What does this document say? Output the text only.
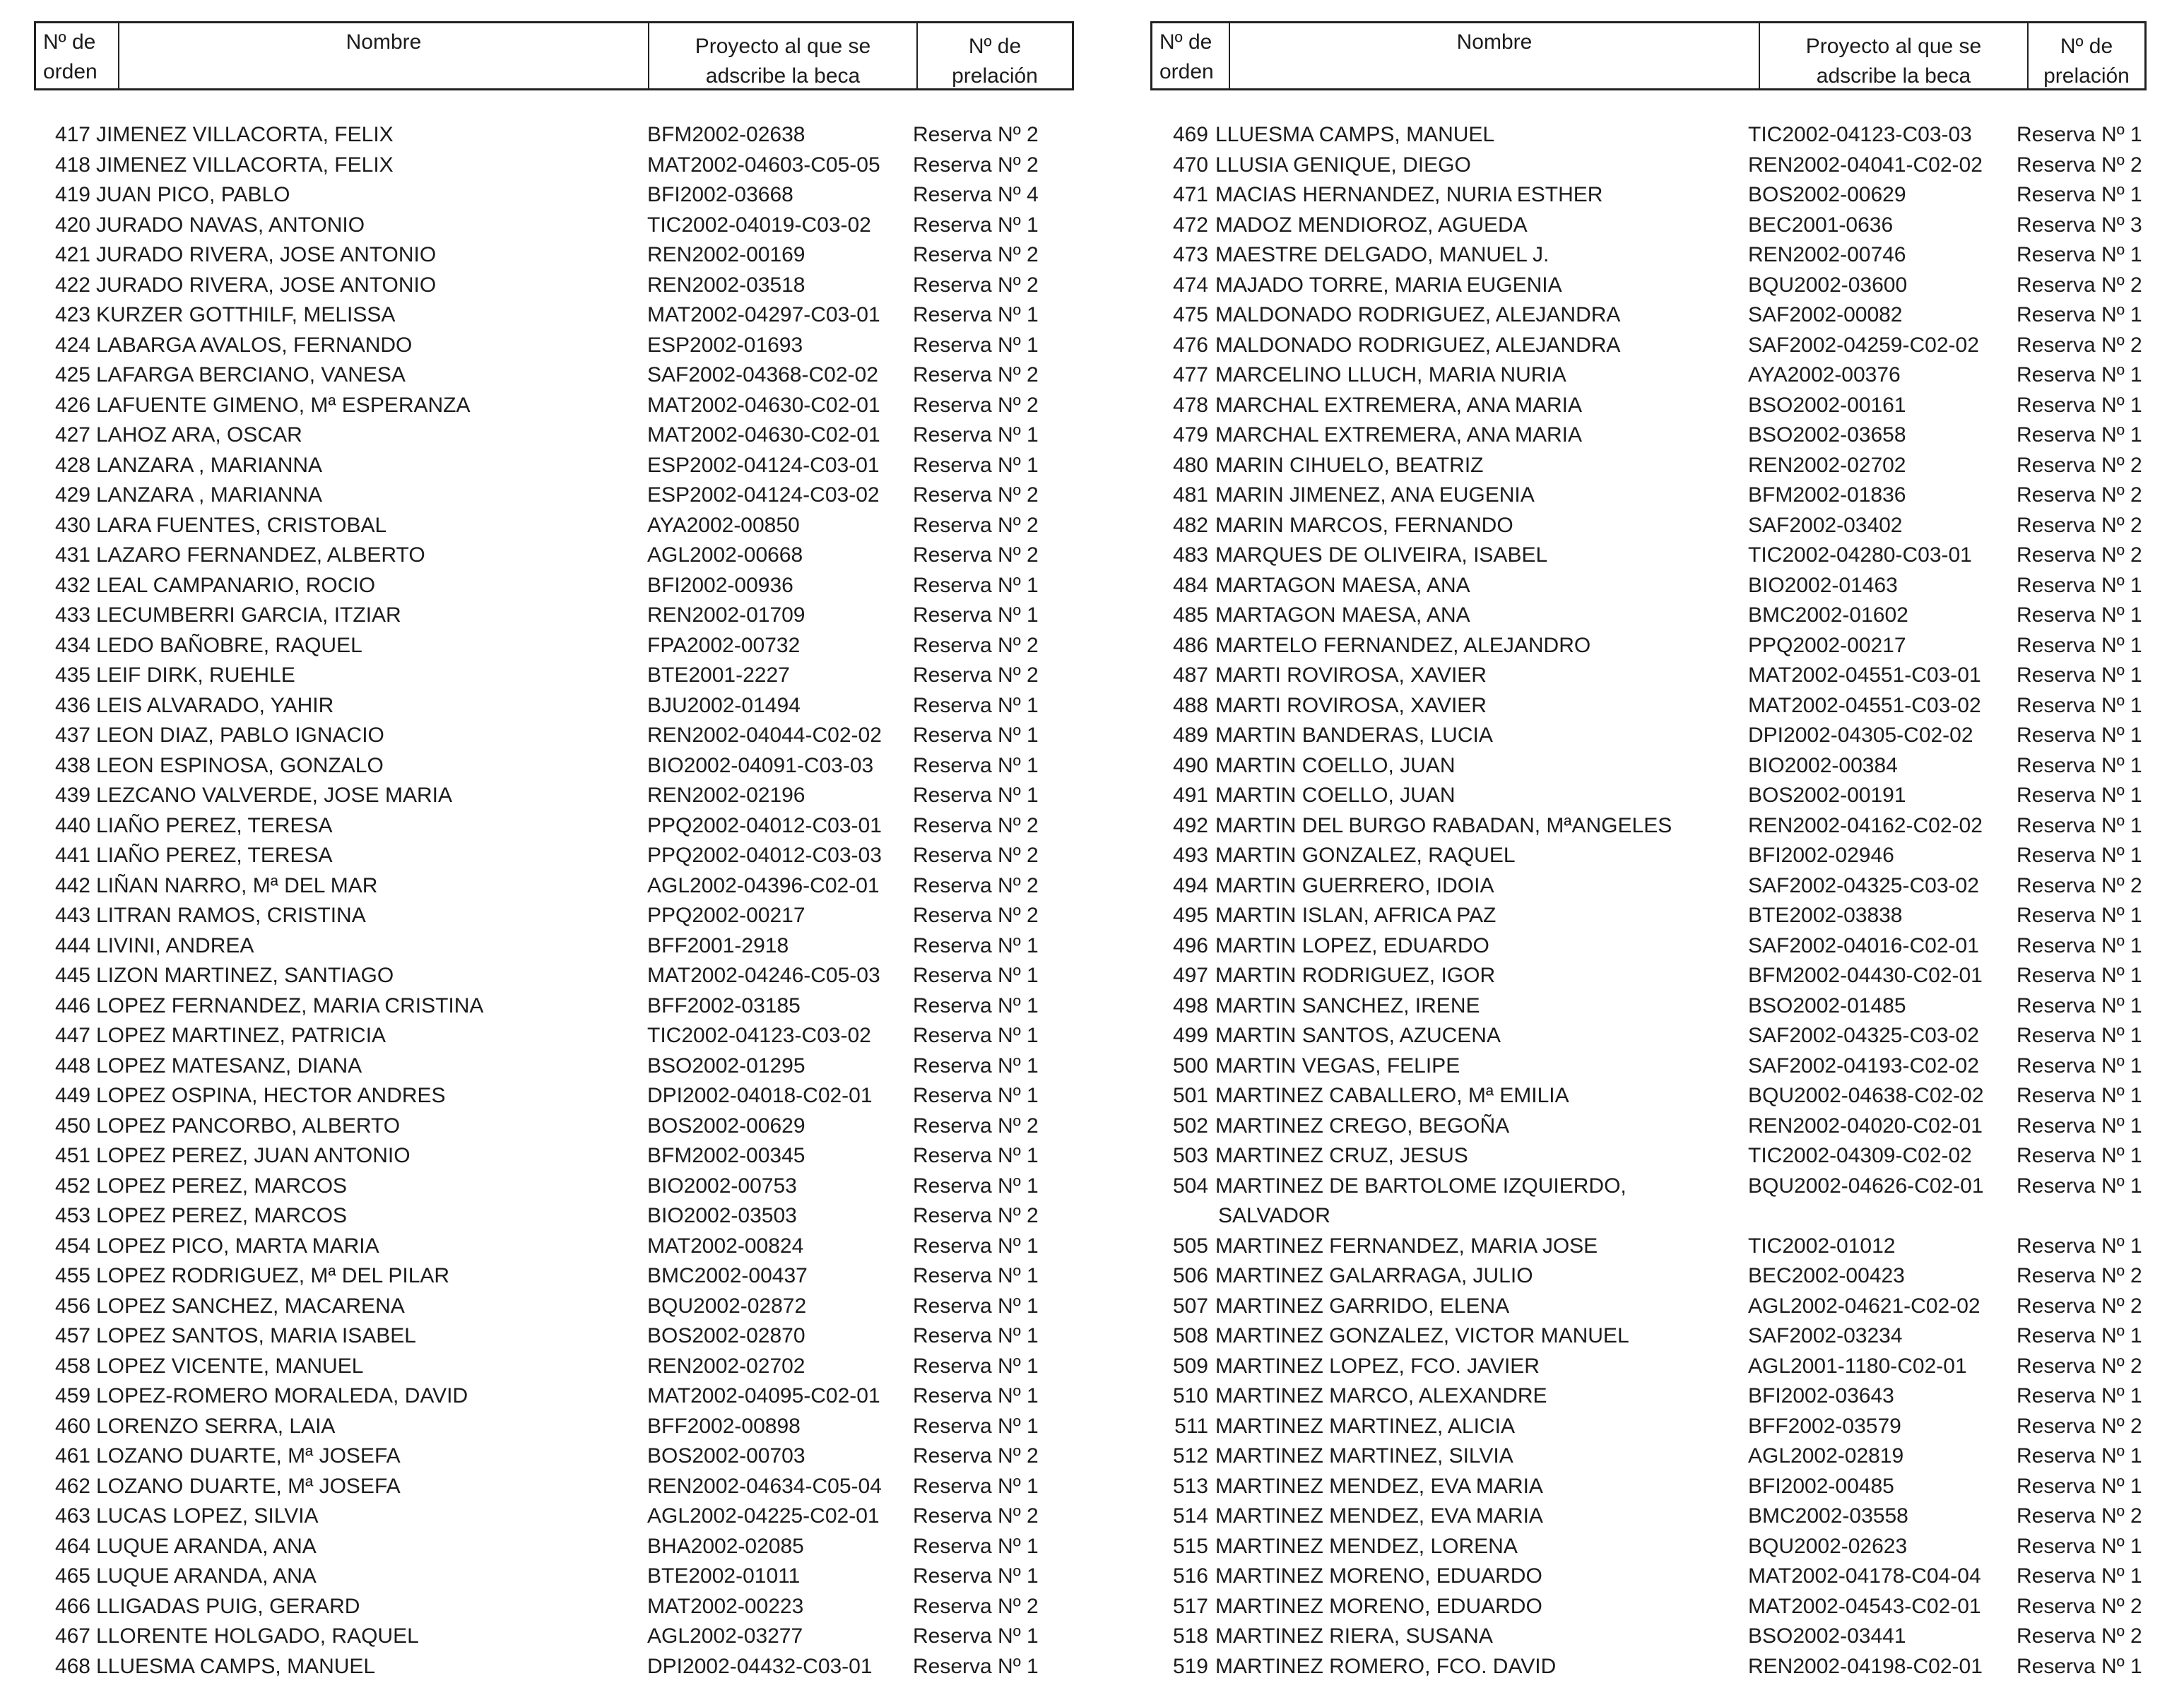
Nº de
orden
Nombre	Proyecto al que se
adscribe la beca
Nº de
prelación
417 JIMENEZ VILLACORTA, FELIX	BFM2002-02638	Reserva Nº 2
418 JIMENEZ VILLACORTA, FELIX	MAT2002-04603-C05-05 Reserva Nº 2
419 JUAN PICO, PABLO	BFI2002-03668	Reserva Nº 4
420 JURADO NAVAS, ANTONIO	TIC2002-04019-C03-02 Reserva Nº 1
421 JURADO RIVERA, JOSE ANTONIO	REN2002-00169	Reserva Nº 2
422 JURADO RIVERA, JOSE ANTONIO	REN2002-03518	Reserva Nº 2
423 KURZER GOTTHILF, MELISSA	MAT2002-04297-C03-01 Reserva Nº 1
424 LABARGA AVALOS, FERNANDO	ESP2002-01693	Reserva Nº 1
425 LAFARGA BERCIANO, VANESA	SAF2002-04368-C02-02 Reserva Nº 2
426 LAFUENTE GIMENO, Mª ESPERANZA	MAT2002-04630-C02-01 Reserva Nº 2
427 LAHOZ ARA, OSCAR	MAT2002-04630-C02-01 Reserva Nº 1
428 LANZARA , MARIANNA	ESP2002-04124-C03-01 Reserva Nº 1
429 LANZARA , MARIANNA	ESP2002-04124-C03-02 Reserva Nº 2
430 LARA FUENTES, CRISTOBAL	AYA2002-00850	Reserva Nº 2
431 LAZARO FERNANDEZ, ALBERTO	AGL2002-00668	Reserva Nº 2
432 LEAL CAMPANARIO, ROCIO	BFI2002-00936	Reserva Nº 1
433 LECUMBERRI GARCIA, ITZIAR	REN2002-01709	Reserva Nº 1
434 LEDO BAÑOBRE, RAQUEL	FPA2002-00732	Reserva Nº 2
435 LEIF DIRK, RUEHLE	BTE2001-2227	Reserva Nº 2
436 LEIS ALVARADO, YAHIR	BJU2002-01494	Reserva Nº 1
437 LEON DIAZ, PABLO IGNACIO	REN2002-04044-C02-02 Reserva Nº 1
438 LEON ESPINOSA, GONZALO	BIO2002-04091-C03-03 Reserva Nº 1
439 LEZCANO VALVERDE, JOSE MARIA	REN2002-02196	Reserva Nº 1
440 LIAÑO PEREZ, TERESA	PPQ2002-04012-C03-01 Reserva Nº 2
441 LIAÑO PEREZ, TERESA	PPQ2002-04012-C03-03 Reserva Nº 2
442 LIÑAN NARRO, Mª DEL MAR	AGL2002-04396-C02-01 Reserva Nº 2
443 LITRAN RAMOS, CRISTINA	PPQ2002-00217	Reserva Nº 2
444 LIVINI, ANDREA	BFF2001-2918	Reserva Nº 1
445 LIZON MARTINEZ, SANTIAGO	MAT2002-04246-C05-03 Reserva Nº 1
446 LOPEZ FERNANDEZ, MARIA CRISTINA	BFF2002-03185	Reserva Nº 1
447 LOPEZ MARTINEZ, PATRICIA	TIC2002-04123-C03-02 Reserva Nº 1
448 LOPEZ MATESANZ, DIANA	BSO2002-01295	Reserva Nº 1
449 LOPEZ OSPINA, HECTOR ANDRES	DPI2002-04018-C02-01 Reserva Nº 1
450 LOPEZ PANCORBO, ALBERTO	BOS2002-00629	Reserva Nº 2
451 LOPEZ PEREZ, JUAN ANTONIO	BFM2002-00345	Reserva Nº 1
452 LOPEZ PEREZ, MARCOS	BIO2002-00753	Reserva Nº 1
453 LOPEZ PEREZ, MARCOS	BIO2002-03503	Reserva Nº 2
454 LOPEZ PICO, MARTA MARIA	MAT2002-00824	Reserva Nº 1
455 LOPEZ RODRIGUEZ, Mª DEL PILAR	BMC2002-00437	Reserva Nº 1
456 LOPEZ SANCHEZ, MACARENA	BQU2002-02872	Reserva Nº 1
457 LOPEZ SANTOS, MARIA ISABEL	BOS2002-02870	Reserva Nº 1
458 LOPEZ VICENTE, MANUEL	REN2002-02702	Reserva Nº 1
459 LOPEZ-ROMERO MORALEDA, DAVID	MAT2002-04095-C02-01 Reserva Nº 1
460 LORENZO SERRA, LAIA	BFF2002-00898	Reserva Nº 1
461 LOZANO DUARTE, Mª JOSEFA	BOS2002-00703	Reserva Nº 2
462 LOZANO DUARTE, Mª JOSEFA	REN2002-04634-C05-04 Reserva Nº 1
463 LUCAS LOPEZ, SILVIA	AGL2002-04225-C02-01 Reserva Nº 2
464 LUQUE ARANDA, ANA	BHA2002-02085	Reserva Nº 1
465 LUQUE ARANDA, ANA	BTE2002-01011	Reserva Nº 1
466 LLIGADAS PUIG, GERARD	MAT2002-00223	Reserva Nº 2
467 LLORENTE HOLGADO, RAQUEL	AGL2002-03277	Reserva Nº 1
468 LLUESMA CAMPS, MANUEL	DPI2002-04432-C03-01 Reserva Nº 1
Nº de
orden
Nombre	Proyecto al que se
adscribe la beca
Nº de
prelación
469 LLUESMA CAMPS, MANUEL	TIC2002-04123-C03-03 Reserva Nº 1
470 LLUSIA GENIQUE, DIEGO	REN2002-04041-C02-02 Reserva Nº 2
471 MACIAS HERNANDEZ, NURIA ESTHER	BOS2002-00629	Reserva Nº 1
472 MADOZ MENDIOROZ, AGUEDA	BEC2001-0636	Reserva Nº 3
473 MAESTRE DELGADO, MANUEL J.	REN2002-00746	Reserva Nº 1
474 MAJADO TORRE, MARIA EUGENIA	BQU2002-03600	Reserva Nº 2
475 MALDONADO RODRIGUEZ, ALEJANDRA	SAF2002-00082	Reserva Nº 1
476 MALDONADO RODRIGUEZ, ALEJANDRA	SAF2002-04259-C02-02 Reserva Nº 2
477 MARCELINO LLUCH, MARIA NURIA	AYA2002-00376	Reserva Nº 1
478 MARCHAL EXTREMERA, ANA MARIA	BSO2002-00161	Reserva Nº 1
479 MARCHAL EXTREMERA, ANA MARIA	BSO2002-03658	Reserva Nº 1
480 MARIN CIHUELO, BEATRIZ	REN2002-02702	Reserva Nº 2
481 MARIN JIMENEZ, ANA EUGENIA	BFM2002-01836	Reserva Nº 2
482 MARIN MARCOS, FERNANDO	SAF2002-03402	Reserva Nº 2
483 MARQUES DE OLIVEIRA, ISABEL	TIC2002-04280-C03-01 Reserva Nº 2
484 MARTAGON MAESA, ANA	BIO2002-01463	Reserva Nº 1
485 MARTAGON MAESA, ANA	BMC2002-01602	Reserva Nº 1
486 MARTELO FERNANDEZ, ALEJANDRO	PPQ2002-00217	Reserva Nº 1
487 MARTI ROVIROSA, XAVIER	MAT2002-04551-C03-01 Reserva Nº 1
488 MARTI ROVIROSA, XAVIER	MAT2002-04551-C03-02 Reserva Nº 1
489 MARTIN BANDERAS, LUCIA	DPI2002-04305-C02-02 Reserva Nº 1
490 MARTIN COELLO, JUAN	BIO2002-00384	Reserva Nº 1
491 MARTIN COELLO, JUAN	BOS2002-00191	Reserva Nº 1
492 MARTIN DEL BURGO RABADAN, MªANGELES	REN2002-04162-C02-02 Reserva Nº 1
493 MARTIN GONZALEZ, RAQUEL	BFI2002-02946	Reserva Nº 1
494 MARTIN GUERRERO, IDOIA	SAF2002-04325-C03-02 Reserva Nº 2
495 MARTIN ISLAN, AFRICA PAZ	BTE2002-03838	Reserva Nº 1
496 MARTIN LOPEZ, EDUARDO	SAF2002-04016-C02-01 Reserva Nº 1
497 MARTIN RODRIGUEZ, IGOR	BFM2002-04430-C02-01 Reserva Nº 1
498 MARTIN SANCHEZ, IRENE	BSO2002-01485	Reserva Nº 1
499 MARTIN SANTOS, AZUCENA	SAF2002-04325-C03-02 Reserva Nº 1
500 MARTIN VEGAS, FELIPE	SAF2002-04193-C02-02 Reserva Nº 1
501 MARTINEZ CABALLERO, Mª EMILIA	BQU2002-04638-C02-02 Reserva Nº 1
502 MARTINEZ CREGO, BEGOÑA	REN2002-04020-C02-01 Reserva Nº 1
503 MARTINEZ CRUZ, JESUS	TIC2002-04309-C02-02 Reserva Nº 1
504 MARTINEZ DE BARTOLOME IZQUIERDO,
SALVADOR
BQU2002-04626-C02-01 Reserva Nº 1
505 MARTINEZ FERNANDEZ, MARIA JOSE	TIC2002-01012	Reserva Nº 1
506 MARTINEZ GALARRAGA, JULIO	BEC2002-00423	Reserva Nº 2
507 MARTINEZ GARRIDO, ELENA	AGL2002-04621-C02-02 Reserva Nº 2
508 MARTINEZ GONZALEZ, VICTOR MANUEL	SAF2002-03234	Reserva Nº 1
509 MARTINEZ LOPEZ, FCO. JAVIER	AGL2001-1180-C02-01 Reserva Nº 2
510 MARTINEZ MARCO, ALEXANDRE	BFI2002-03643	Reserva Nº 1
511 MARTINEZ MARTINEZ, ALICIA	BFF2002-03579	Reserva Nº 2
512 MARTINEZ MARTINEZ, SILVIA	AGL2002-02819	Reserva Nº 1
513 MARTINEZ MENDEZ, EVA MARIA	BFI2002-00485	Reserva Nº 1
514 MARTINEZ MENDEZ, EVA MARIA	BMC2002-03558	Reserva Nº 2
515 MARTINEZ MENDEZ, LORENA	BQU2002-02623	Reserva Nº 1
516 MARTINEZ MORENO, EDUARDO	MAT2002-04178-C04-04 Reserva Nº 1
517 MARTINEZ MORENO, EDUARDO	MAT2002-04543-C02-01 Reserva Nº 2
518 MARTINEZ RIERA, SUSANA	BSO2002-03441	Reserva Nº 2
519 MARTINEZ ROMERO, FCO. DAVID	REN2002-04198-C02-01 Reserva Nº 1
